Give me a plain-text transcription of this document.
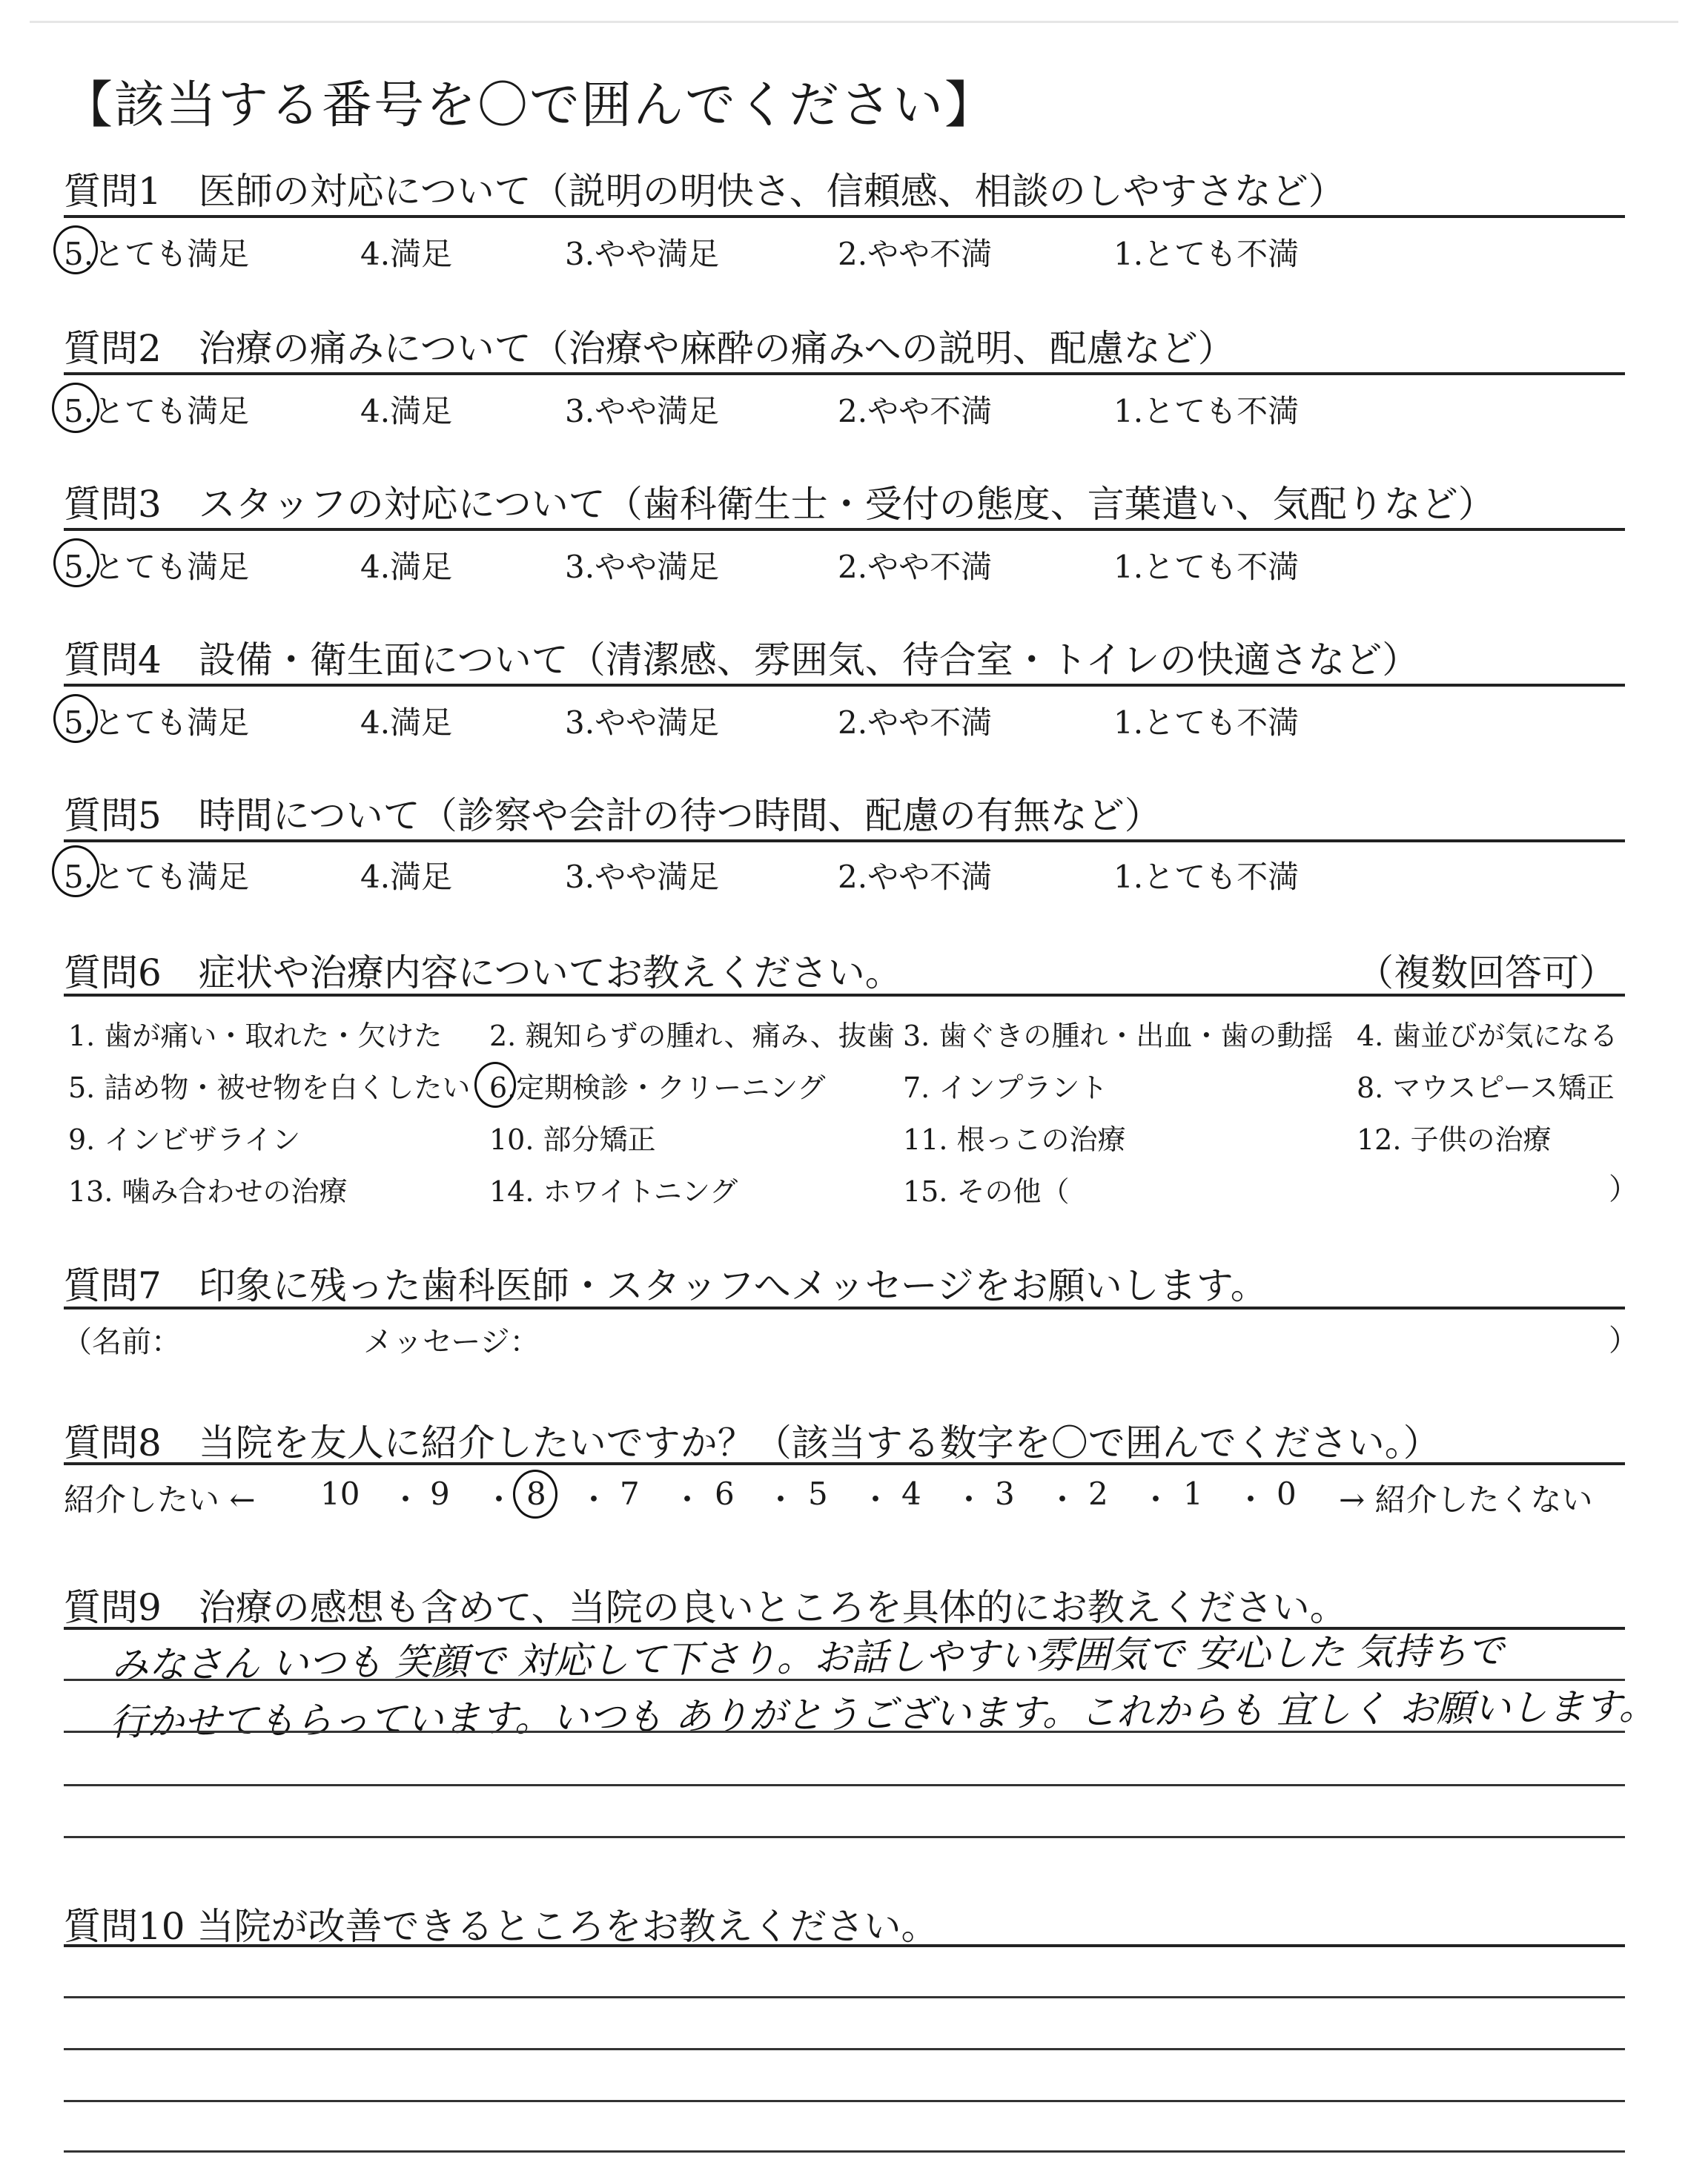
【該当する番号を〇で囲んでください】
質問1　医師の対応について（説明の明快さ、信頼感、相談のしやすさなど）
5.とても満足	4.満足	3.やや満足	2.やや不満	1.とても不満
質問2　治療の痛みについて（治療や麻酔の痛みへの説明、配慮など）
5.とても満足	4.満足	3.やや満足	2.やや不満	1.とても不満
質問3　スタッフの対応について（歯科衛生士・受付の態度、言葉遣い、気配りなど）
5.とても満足	4.満足	3.やや満足	2.やや不満	1.とても不満
質問4　設備・衛生面について（清潔感、雰囲気、待合室・トイレの快適さなど）
5.とても満足	4.満足	3.やや満足	2.やや不満	1.とても不満
質問5　時間について（診察や会計の待つ時間、配慮の有無など）
5.とても満足	4.満足	3.やや満足	2.やや不満	1.とても不満
質問6　症状や治療内容についてお教えください。	（複数回答可）
1. 歯が痛い・取れた・欠けた 2. 親知らずの腫れ、痛み、抜歯 3. 歯ぐきの腫れ・出血・歯の動揺 4. 歯並びが気になる
5. 詰め物・被せ物を白くしたい 6.定期検診・クリーニング	7. インプラント	8. マウスピース矯正
9. インビザライン	10. 部分矯正	11. 根っこの治療	12. 子供の治療
13. 噛み合わせの治療	14. ホワイトニング	15. その他（	）
質問7　印象に残った歯科医師・スタッフへメッセージをお願いします。
（名前：	メッセージ：	）
質問8　当院を友人に紹介したいですか？（該当する数字を〇で囲んでください。）
紹介したい ← 10 ・ 9 ・ 8 ・ 7 ・ 6 ・ 5 ・ 4 ・ 3 ・ 2 ・ 1 ・ 0 → 紹介したくない
質問9　治療の感想も含めて、当院の良いところを具体的にお教えください。
みなさん いつも 笑顔で 対応して下さり。お話しやすい雰囲気で 安心した 気持ちで
行かせてもらっています。いつも ありがとうございます。これからも 宜しく お願いします。
質問10 当院が改善できるところをお教えください。
